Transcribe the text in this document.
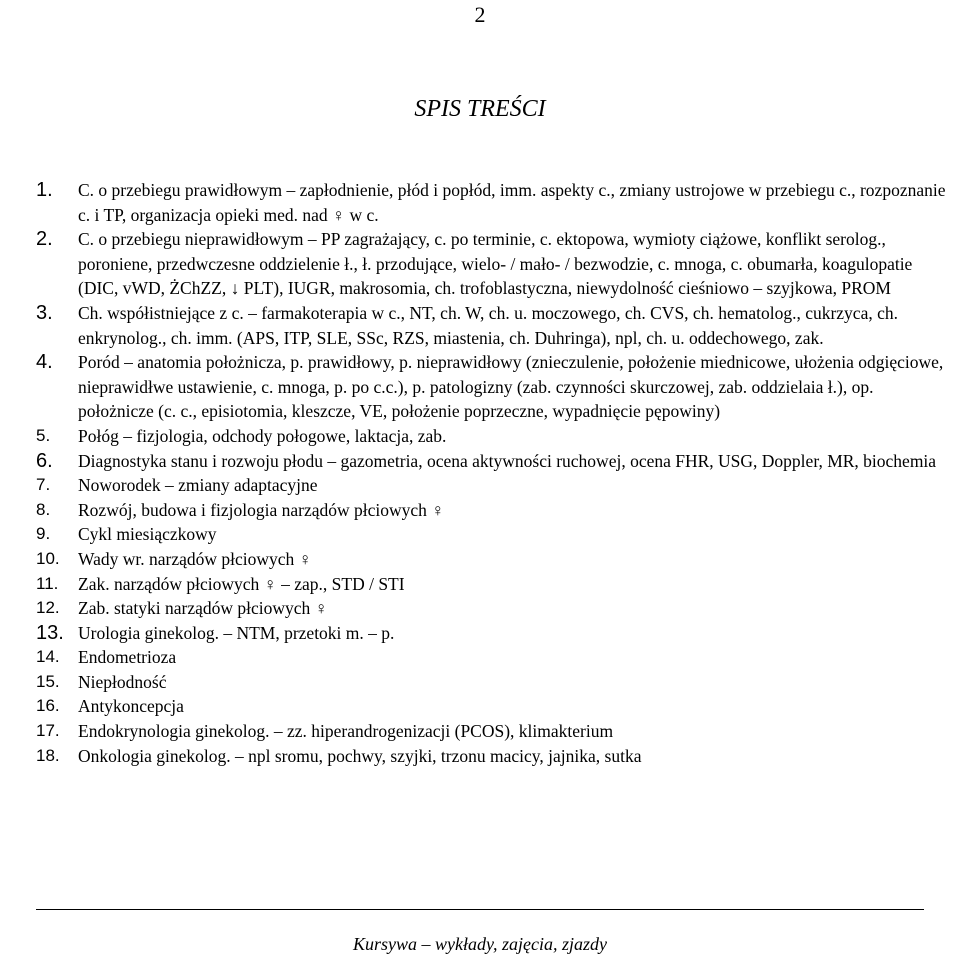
2
SPIS TREŚCI
1. C. o przebiegu prawidłowym – zapłodnienie, płód i popłód, imm. aspekty c., zmiany ustrojowe w przebiegu c., rozpoznanie c. i TP, organizacja opieki med. nad ♀ w c.
2. C. o przebiegu nieprawidłowym – PP zagrażający, c. po terminie, c. ektopowa, wymioty ciążowe, konflikt serolog., poroniene, przedwczesne oddzielenie ł., ł. przodujące, wielo- / mało- / bezwodzie, c. mnoga, c. obumarła, koagulopatie (DIC, vWD, ŻChZZ, ↓ PLT), IUGR, makrosomia, ch. trofoblastyczna, niewydolność cieśniowo – szyjkowa, PROM
3. Ch. współistniejące z c. – farmakoterapia w c., NT, ch. W, ch. u. moczowego, ch. CVS, ch. hematolog., cukrzyca, ch. enkrynolog., ch. imm. (APS, ITP, SLE, SSc, RZS, miastenia, ch. Duhringa), npl, ch. u. oddechowego, zak.
4. Poród – anatomia położnicza, p. prawidłowy, p. nieprawidłowy (znieczulenie, położenie miednicowe, ułożenia odgięciowe, nieprawidłwe ustawienie, c. mnoga, p. po c.c.), p. patologizny (zab. czynności skurczowej, zab. oddzielaia ł.), op. położnicze (c. c., episiotomia, kleszcze, VE, położenie poprzeczne, wypadnięcie pępowiny)
5. Połóg – fizjologia, odchody połogowe, laktacja, zab.
6. Diagnostyka stanu i rozwoju płodu – gazometria, ocena aktywności ruchowej, ocena FHR, USG, Doppler, MR, biochemia
7. Noworodek – zmiany adaptacyjne
8. Rozwój, budowa i fizjologia narządów płciowych ♀
9. Cykl miesiączkowy
10. Wady wr. narządów płciowych ♀
11. Zak. narządów płciowych ♀ – zap., STD / STI
12. Zab. statyki narządów płciowych ♀
13. Urologia ginekolog. – NTM, przetoki m. – p.
14. Endometrioza
15. Niepłodność
16. Antykoncepcja
17. Endokrynologia ginekolog. – zz. hiperandrogenizacji (PCOS), klimakterium
18. Onkologia ginekolog. – npl sromu, pochwy, szyjki, trzonu macicy, jajnika, sutka
Kursywa – wykłady, zajęcia, zjazdy
